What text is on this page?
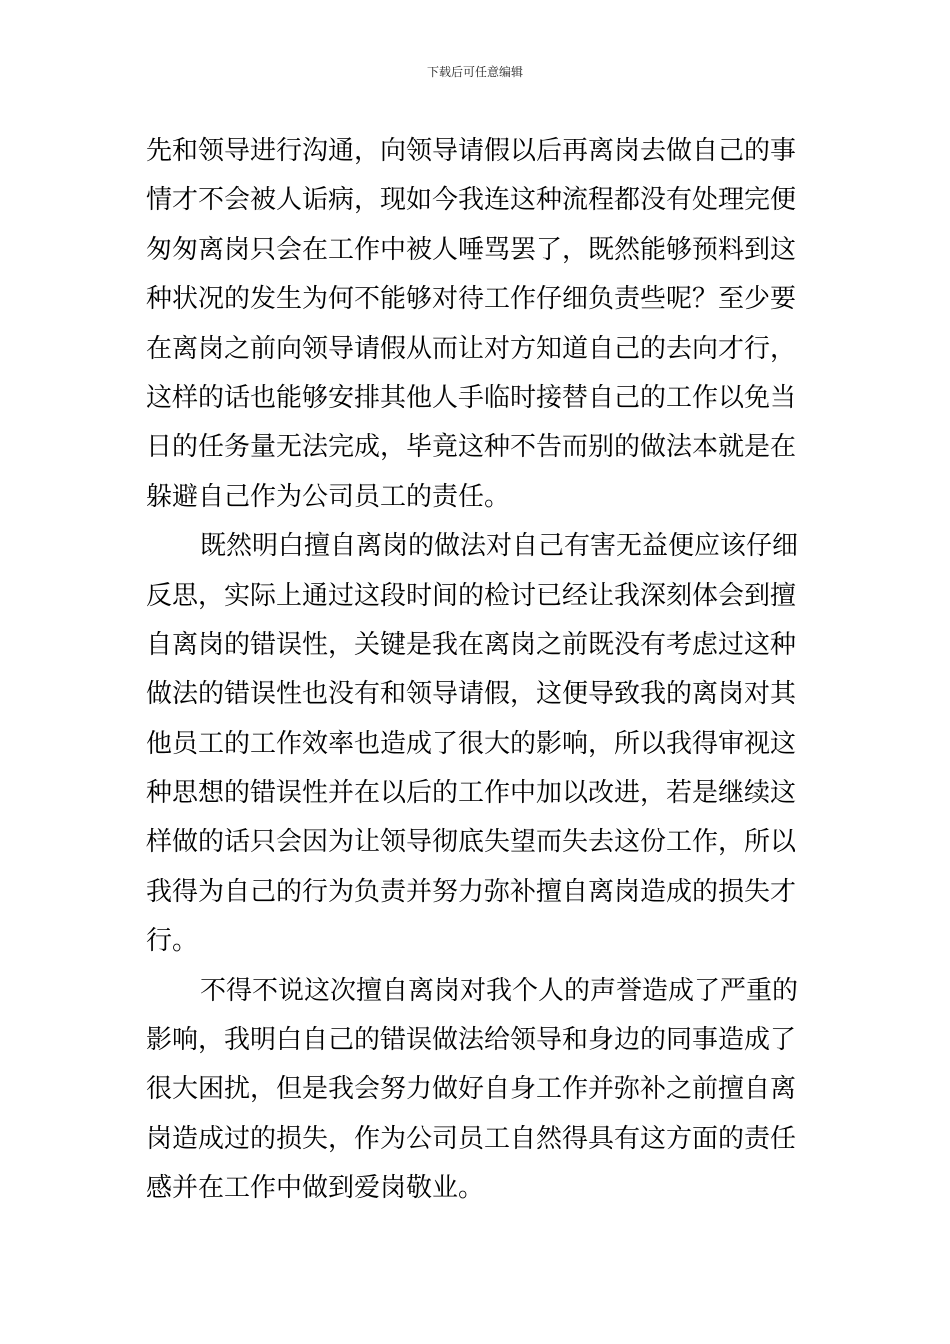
下载后可任意编辑
先和领导进行沟通，向领导请假以后再离岗去做自己的事
情才不会被人诟病，现如今我连这种流程都没有处理完便
匆匆离岗只会在工作中被人唾骂罢了，既然能够预料到这
种状况的发生为何不能够对待工作仔细负责些呢？至少要
在离岗之前向领导请假从而让对方知道自己的去向才行，
这样的话也能够安排其他人手临时接替自己的工作以免当
日的任务量无法完成，毕竟这种不告而别的做法本就是在
躲避自己作为公司员工的责任。
既然明白擅自离岗的做法对自己有害无益便应该仔细
反思，实际上通过这段时间的检讨已经让我深刻体会到擅
自离岗的错误性，关键是我在离岗之前既没有考虑过这种
做法的错误性也没有和领导请假，这便导致我的离岗对其
他员工的工作效率也造成了很大的影响，所以我得审视这
种思想的错误性并在以后的工作中加以改进，若是继续这
样做的话只会因为让领导彻底失望而失去这份工作，所以
我得为自己的行为负责并努力弥补擅自离岗造成的损失才
行。
不得不说这次擅自离岗对我个人的声誉造成了严重的
影响，我明白自己的错误做法给领导和身边的同事造成了
很大困扰，但是我会努力做好自身工作并弥补之前擅自离
岗造成过的损失，作为公司员工自然得具有这方面的责任
感并在工作中做到爱岗敬业。
